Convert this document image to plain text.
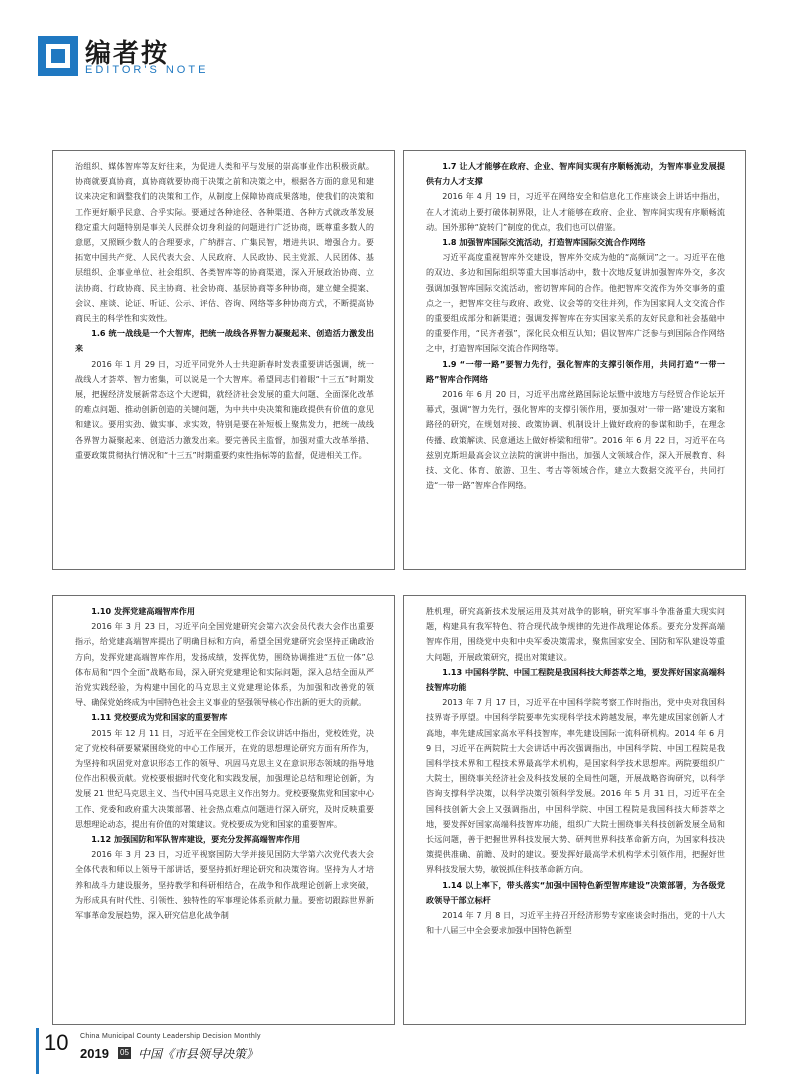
编者按
EDITOR'S NOTE

治组织、媒体智库等友好往来，为促进人类和平与发展的崇高事业作出积极贡献。协商就要真协商，真协商就要协商于决策之前和决策之中，根据各方面的意见和建议来决定和调整我们的决策和工作，从制度上保障协商成果落地，使我们的决策和工作更好顺乎民意、合乎实际。要通过各种途径、各种渠道、各种方式就改革发展稳定重大问题特别是事关人民群众切身利益的问题进行广泛协商，既尊重多数人的意愿，又照顾少数人的合理要求，广纳群言、广集民智，增进共识、增强合力。要拓宽中国共产党、人民代表大会、人民政府、人民政协、民主党派、人民团体、基层组织、企事业单位、社会组织、各类智库等的协商渠道，深入开展政治协商、立法协商、行政协商、民主协商、社会协商、基层协商等多种协商，建立健全提案、会议、座谈、论证、听证、公示、评估、咨询、网络等多种协商方式，不断提高协商民主的科学性和实效性。

1.6 统一战线是一个大智库，把统一战线各界智力凝聚起来、创造活力激发出来

2016 年 1 月 29 日，习近平同党外人士共迎新春时发表重要讲话强调，统一战线人才荟萃、智力密集，可以说是一个大智库。希望同志们着眼“十三五”时期发展，把握经济发展新常态这个大逻辑，就经济社会发展的重大问题、全面深化改革的难点问题、推动创新创造的关键问题，为中共中央决策和施政提供有价值的意见和建议。要用实劲、做实事、求实效，特别是要在补短板上聚焦发力，把统一战线各界智力凝聚起来、创造活力激发出来。要完善民主监督，加强对重大改革举措、重要政策贯彻执行情况和“十三五”时期重要约束性指标等的监督，促进相关工作。

1.7 让人才能够在政府、企业、智库间实现有序顺畅流动，为智库事业发展提供有力人才支撑

2016 年 4 月 19 日，习近平在网络安全和信息化工作座谈会上讲话中指出，在人才流动上要打破体制界限，让人才能够在政府、企业、智库间实现有序顺畅流动。国外那种“旋转门”制度的优点，我们也可以借鉴。

1.8 加强智库国际交流活动，打造智库国际交流合作网络

习近平高度重视智库外交建设，智库外交成为他的“高频词”之一。习近平在他的双边、多边和国际组织等重大国事活动中，数十次地反复讲加强智库外交，多次强调加强智库国际交流活动，密切智库间的合作。他把智库交流作为外交事务的重点之一，把智库交往与政府、政党、议会等的交往并列，作为国家间人文交流合作的重要组成部分和新渠道；强调发挥智库在夯实国家关系的友好民意和社会基础中的重要作用，“民齐者强”，深化民众相互认知；倡议智库广泛参与到国际合作网络之中，打造智库国际交流合作网络等。

1.9 “一带一路”要智力先行，强化智库的支撑引领作用，共同打造“一带一路”智库合作网络

2016 年 6 月 20 日，习近平出席丝路国际论坛暨中波地方与经贸合作论坛开幕式，强调“智力先行，强化智库的支撑引领作用，要加强对‘一带一路’建设方案和路径的研究，在规划对接、政策协调、机制设计上做好政府的参谋和助手，在理念传播、政策解读、民意通达上做好桥梁和纽带”。2016 年 6 月 22 日，习近平在乌兹别克斯坦最高会议立法院的演讲中指出，加强人文领域合作，深入开展教育、科技、文化、体育、旅游、卫生、考古等领域合作，建立大数据交流平台，共同打造“一带一路”智库合作网络。

1.10 发挥党建高端智库作用

2016 年 3 月 23 日，习近平向全国党建研究会第六次会员代表大会作出重要指示，给党建高端智库提出了明确目标和方向，希望全国党建研究会坚持正确政治方向，发挥党建高端智库作用，发扬成绩，发挥优势，围绕协调推进“五位一体”总体布局和“四个全面”战略布局，深入研究党建理论和实际问题，深入总结全面从严治党实践经验，为构建中国化的马克思主义党建理论体系，为加强和改善党的领导、确保党始终成为中国特色社会主义事业的坚强领导核心作出新的更大的贡献。

1.11 党校要成为党和国家的重要智库

2015 年 12 月 11 日，习近平在全国党校工作会议讲话中指出，党校姓党，决定了党校科研要紧紧围绕党的中心工作展开，在党的思想理论研究方面有所作为，为坚持和巩固党对意识形态工作的领导、巩固马克思主义在意识形态领域的指导地位作出积极贡献。党校要根据时代变化和实践发展，加强理论总结和理论创新，为发展 21 世纪马克思主义、当代中国马克思主义作出努力。党校要聚焦党和国家中心工作、党委和政府重大决策部署、社会热点难点问题进行深入研究，及时反映重要思想理论动态，提出有价值的对策建议。党校要成为党和国家的重要智库。

1.12 加强国防和军队智库建设，要充分发挥高端智库作用

2016 年 3 月 23 日，习近平视察国防大学并接见国防大学第六次党代表大会全体代表和师以上领导干部讲话，要坚持抓好理论研究和决策咨询。坚持为人才培养和战斗力建设服务，坚持教学和科研相结合，在战争和作战理论创新上求突破，为形成具有时代性、引领性、独特性的军事理论体系贡献力量。要密切跟踪世界新军事革命发展趋势，深入研究信息化战争制

胜机理，研究高新技术发展运用及其对战争的影响，研究军事斗争准备重大现实问题，构建具有我军特色、符合现代战争规律的先进作战理论体系。要充分发挥高端智库作用，围绕党中央和中央军委决策需求，聚焦国家安全、国防和军队建设等重大问题，开展政策研究，提出对策建议。

1.13 中国科学院、中国工程院是我国科技大师荟萃之地，要发挥好国家高端科技智库功能

2013 年 7 月 17 日，习近平在中国科学院考察工作时指出，党中央对我国科技界寄予厚望。中国科学院要率先实现科学技术跨越发展，率先建成国家创新人才高地，率先建成国家高水平科技智库，率先建设国际一流科研机构。2014 年 6 月 9 日，习近平在两院院士大会讲话中再次强调指出，中国科学院、中国工程院是我国科学技术界和工程技术界最高学术机构，是国家科学技术思想库。两院要组织广大院士，围绕事关经济社会及科技发展的全局性问题，开展战略咨询研究，以科学咨询支撑科学决策，以科学决策引领科学发展。2016 年 5 月 31 日，习近平在全国科技创新大会上又强调指出，中国科学院、中国工程院是我国科技大师荟萃之地，要发挥好国家高端科技智库功能，组织广大院士围绕事关科技创新发展全局和长远问题，善于把握世界科技发展大势、研判世界科技革命新方向，为国家科技决策提供准确、前瞻、及时的建议。要发挥好最高学术机构学术引领作用，把握好世界科技发展大势，敏锐抓住科技革命新方向。

1.14 以上率下，带头落实“加强中国特色新型智库建设”决策部署，为各级党政领导干部立标杆

2014 年 7 月 8 日，习近平主持召开经济形势专家座谈会时指出，党的十八大和十八届三中全会要求加强中国特色新型

10 China Municipal County Leadership Decision Monthly
2019 05 中国《市县领导决策》
